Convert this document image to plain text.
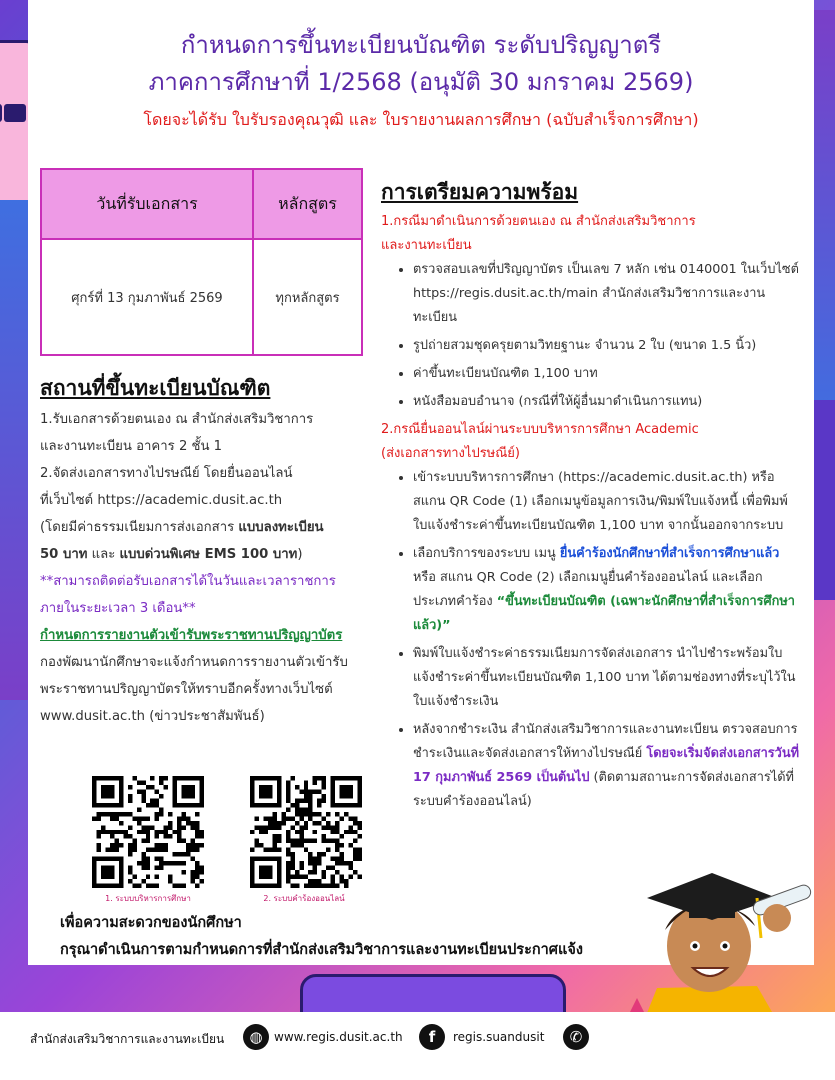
กำหนดการขึ้นทะเบียนบัณฑิต ระดับปริญญาตรี

ภาคการศึกษาที่ 1/2568 (อนุมัติ 30 มกราคม 2569)

โดยจะได้รับ ใบรับรองคุณวุฒิ และ ใบรายงานผลการศึกษา (ฉบับสำเร็จการศึกษา)

วันที่รับเอกสาร	หลักสูตร
ศุกร์ที่ 13 กุมภาพันธ์ 2569	ทุกหลักสูตร
สถานที่ขึ้นทะเบียนบัณฑิต

1.รับเอกสารด้วยตนเอง ณ สำนักส่งเสริมวิชาการ

และงานทะเบียน อาคาร 2 ชั้น 1

2.จัดส่งเอกสารทางไปรษณีย์ โดยยื่นออนไลน์

ที่เว็บไซต์ https://academic.dusit.ac.th

(โดยมีค่าธรรมเนียมการส่งเอกสาร แบบลงทะเบียน

50 บาท และ แบบด่วนพิเศษ EMS 100 บาท)

**สามารถติดต่อรับเอกสารได้ในวันและเวลาราชการ

ภายในระยะเวลา 3 เดือน**

กำหนดการรายงานตัวเข้ารับพระราชทานปริญญาบัตร

กองพัฒนานักศึกษาจะแจ้งกำหนดการรายงานตัวเข้ารับ

พระราชทานปริญญาบัตรให้ทราบอีกครั้งทางเว็บไซต์

www.dusit.ac.th (ข่าวประชาสัมพันธ์)

1. ระบบบริหารการศึกษา	2. ระบบคำร้องออนไลน์
เพื่อความสะดวกของนักศึกษา
กรุณาดำเนินการตามกำหนดการที่สำนักส่งเสริมวิชาการและงานทะเบียนประกาศแจ้ง
การเตรียมความพร้อม

1.กรณีมาดำเนินการด้วยตนเอง ณ สำนักส่งเสริมวิชาการ

และงานทะเบียน

• ตรวจสอบเลขที่ปริญญาบัตร เป็นเลข 7 หลัก เช่น 0140001 ในเว็บไซต์ https://regis.dusit.ac.th/main สำนักส่งเสริมวิชาการและงานทะเบียน
• รูปถ่ายสวมชุดครุยตามวิทยฐานะ จำนวน 2 ใบ (ขนาด 1.5 นิ้ว)
• ค่าขึ้นทะเบียนบัณฑิต 1,100 บาท
• หนังสือมอบอำนาจ (กรณีที่ให้ผู้อื่นมาดำเนินการแทน)

2.กรณียื่นออนไลน์ผ่านระบบบริหารการศึกษา Academic

(ส่งเอกสารทางไปรษณีย์)

• เข้าระบบบริหารการศึกษา (https://academic.dusit.ac.th) หรือ สแกน QR Code (1) เลือกเมนูข้อมูลการเงิน/พิมพ์ใบแจ้งหนี้ เพื่อพิมพ์ใบแจ้งชำระค่าขึ้นทะเบียนบัณฑิต 1,100 บาท จากนั้นออกจากระบบ
• เลือกบริการของระบบ เมนู ยื่นคำร้องนักศึกษาที่สำเร็จการศึกษาแล้ว หรือ สแกน QR Code (2) เลือกเมนูยื่นคำร้องออนไลน์ และเลือกประเภทคำร้อง “ขึ้นทะเบียนบัณฑิต (เฉพาะนักศึกษาที่สำเร็จการศึกษาแล้ว)”
• พิมพ์ใบแจ้งชำระค่าธรรมเนียมการจัดส่งเอกสาร นำไปชำระพร้อมใบแจ้งชำระค่าขึ้นทะเบียนบัณฑิต 1,100 บาท ได้ตามช่องทางที่ระบุไว้ในใบแจ้งชำระเงิน
• หลังจากชำระเงิน สำนักส่งเสริมวิชาการและงานทะเบียน ตรวจสอบการชำระเงินและจัดส่งเอกสารให้ทางไปรษณีย์ โดยจะเริ่มจัดส่งเอกสารวันที่ 17 กุมภาพันธ์ 2569 เป็นต้นไป (ติดตามสถานะการจัดส่งเอกสารได้ที่ระบบคำร้องออนไลน์)
สำนักส่งเสริมวิชาการและงานทะเบียน	◍ www.regis.dusit.ac.th	f	regis.suandusit	✆ 0-2244-5175
